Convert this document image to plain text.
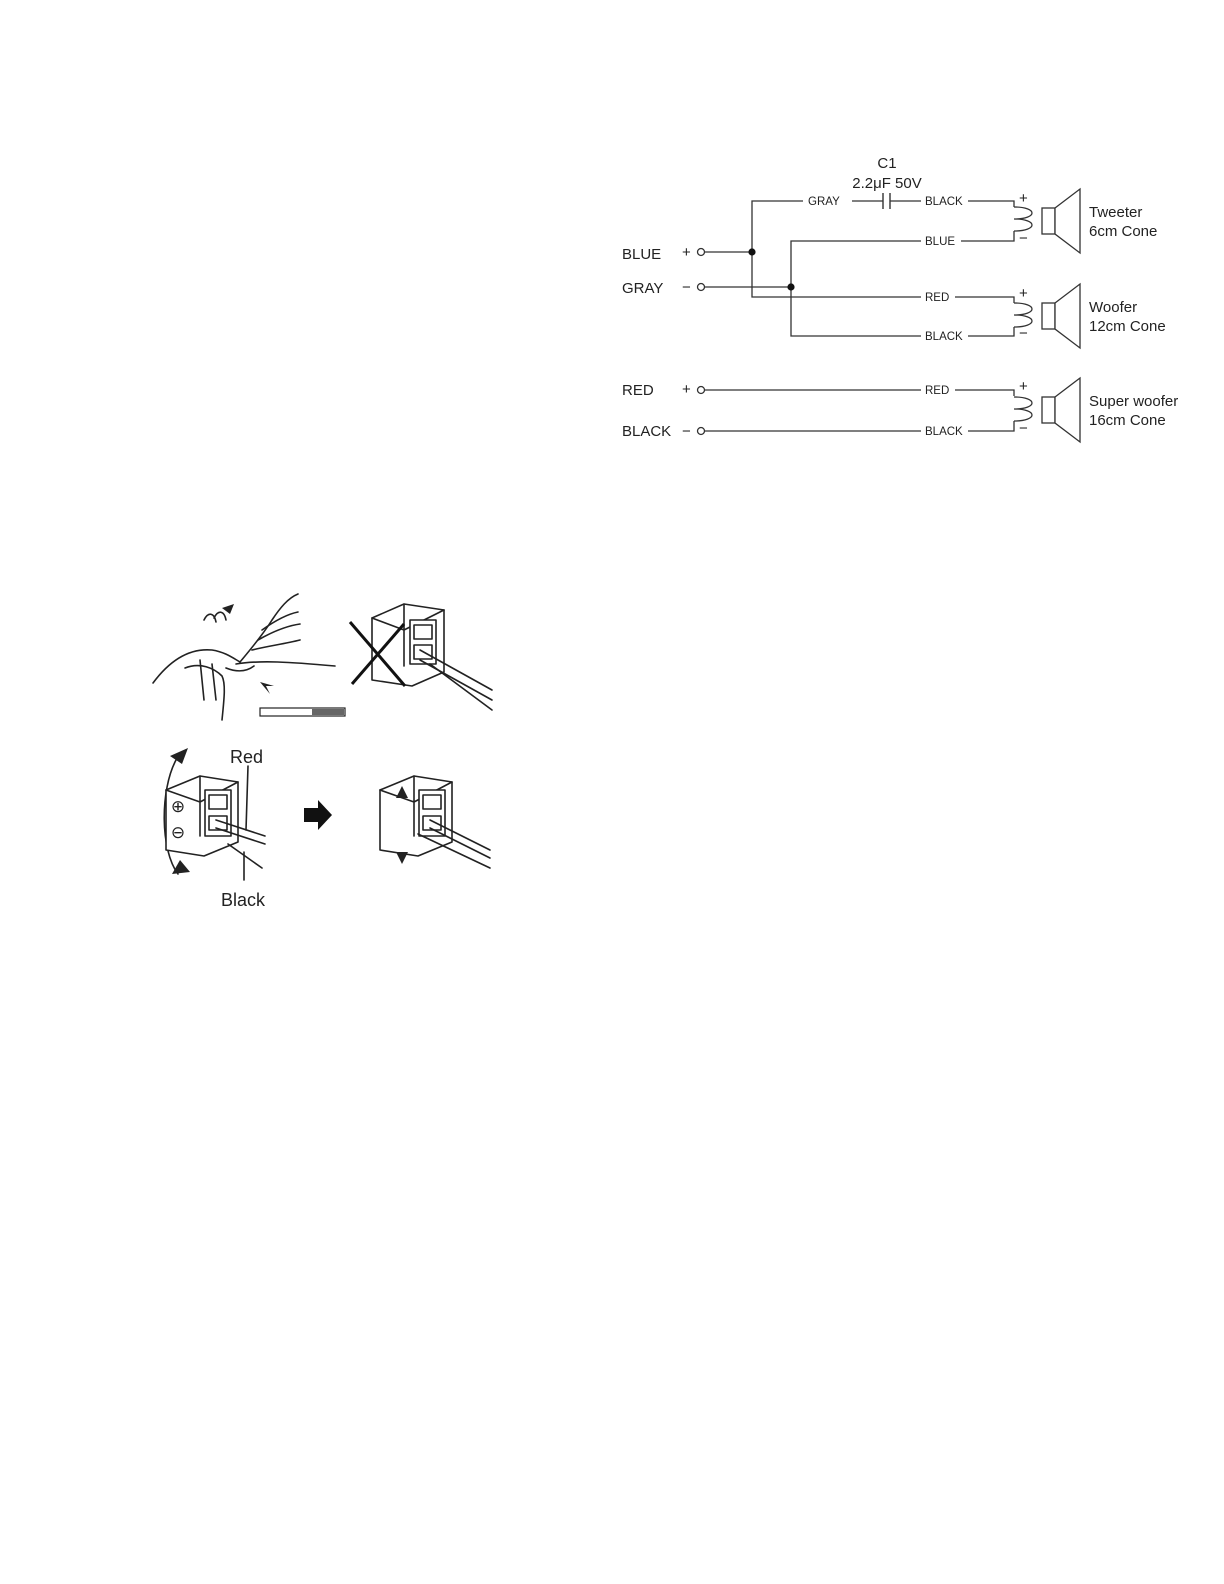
C1
2.2μF 50V
BLUE
GRAY
RED
BLACK
+
−
+
−
GRAY	BLACK
BLUE
RED
BLACK
RED
BLACK
+
−
Tweeter
6cm Cone
+
−
Woofer
12cm Cone
+
−
Super woofer
16cm Cone
⊕
⊖
Red
Black
